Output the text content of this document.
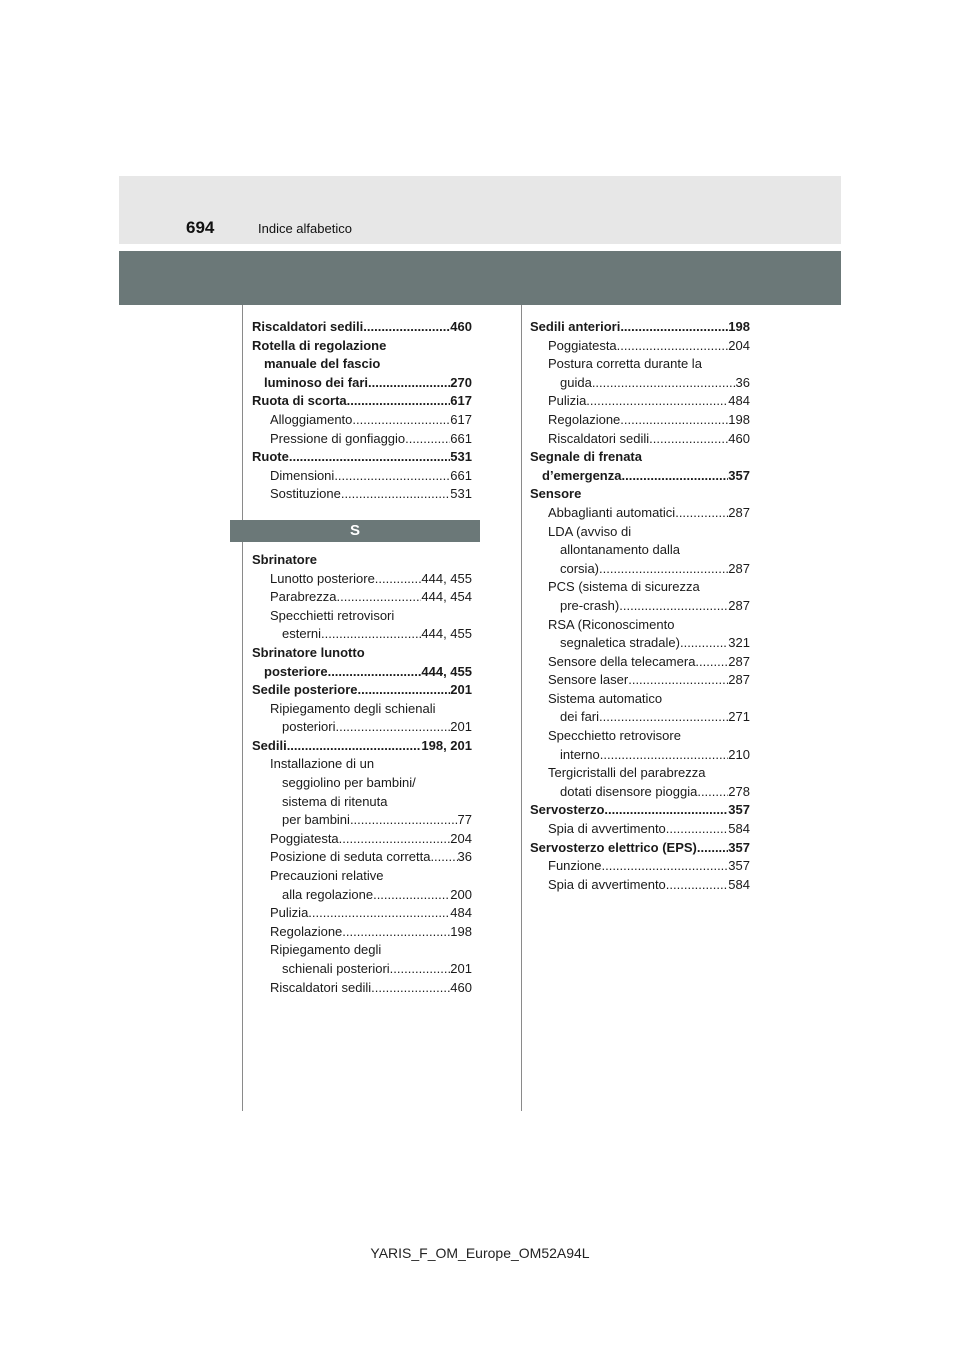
694	Indice alfabetico
Riscaldatori sedili .....	460
Rotella di regolazione
manuale del fascio
luminoso dei fari .....	270
Ruota di scorta .....	617
Alloggiamento .....	617
Pressione di gonfiaggio .....	661
Ruote .....	531
Dimensioni .....	661
Sostituzione .....	531
S
Sbrinatore
Lunotto posteriore .....	444, 455
Parabrezza .....	444, 454
Specchietti retrovisori
esterni .....	444, 455
Sbrinatore lunotto
posteriore .....	444, 455
Sedile posteriore .....	201
Ripiegamento degli schienali
posteriori .....	201
Sedili .....	198, 201
Installazione di un
seggiolino per bambini/
sistema di ritenuta
per bambini .....	77
Poggiatesta .....	204
Posizione di seduta corretta ..... 36
Precauzioni relative
alla regolazione .....	200
Pulizia .....	484
Regolazione .....	198
Ripiegamento degli
schienali posteriori .....	201
Riscaldatori sedili .....	460
Sedili anteriori .....	198
Poggiatesta .....	204
Postura corretta durante la
guida .....	36
Pulizia .....	484
Regolazione .....	198
Riscaldatori sedili .....	460
Segnale di frenata
d’emergenza .....	357
Sensore
Abbaglianti automatici .....	287
LDA (avviso di
allontanamento dalla
corsia) .....	287
PCS (sistema di sicurezza
pre-crash) .....	287
RSA (Riconoscimento
segnaletica stradale) .....	321
Sensore della telecamera .....	287
Sensore laser .....	287
Sistema automatico
dei fari .....	271
Specchietto retrovisore
interno .....	210
Tergicristalli del parabrezza
dotati disensore pioggia ..... 278
Servosterzo .....	357
Spia di avvertimento .....	584
Servosterzo elettrico (EPS) ..... 357
Funzione .....	357
Spia di avvertimento .....	584
YARIS_F_OM_Europe_OM52A94L
